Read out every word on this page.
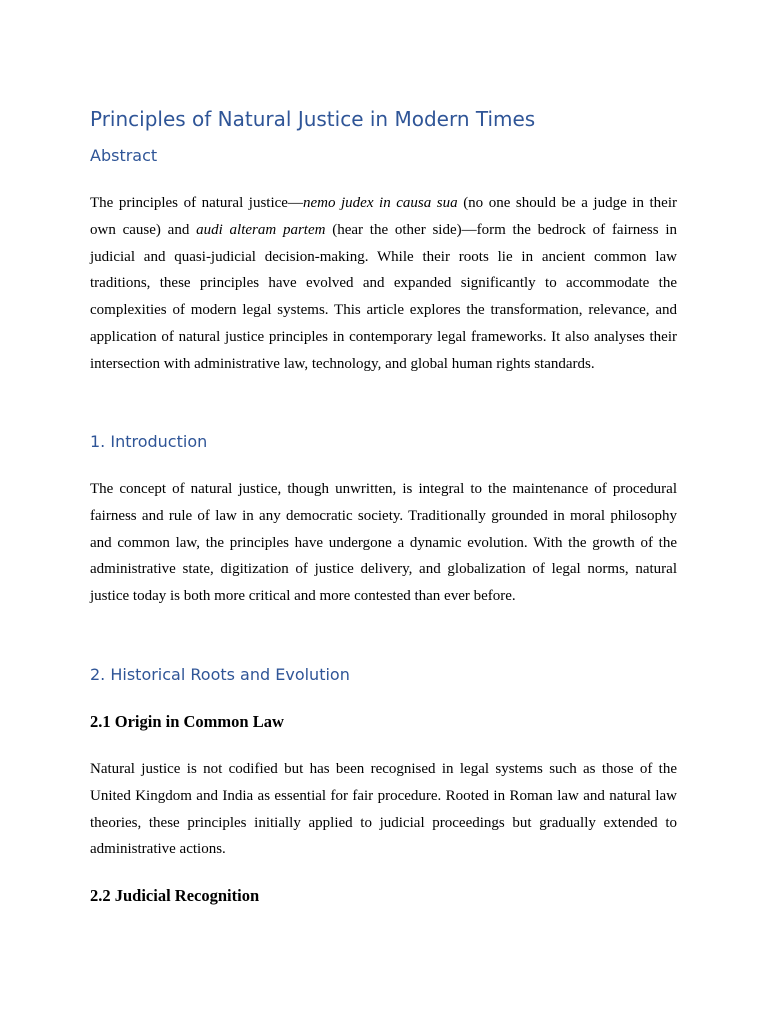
Principles of Natural Justice in Modern Times
Abstract

The principles of natural justice—nemo judex in causa sua (no one should be a judge in their own cause) and audi alteram partem (hear the other side)—form the bedrock of fairness in judicial and quasi-judicial decision-making. While their roots lie in ancient common law traditions, these principles have evolved and expanded significantly to accommodate the complexities of modern legal systems. This article explores the transformation, relevance, and application of natural justice principles in contemporary legal frameworks. It also analyses their intersection with administrative law, technology, and global human rights standards.

1. Introduction

The concept of natural justice, though unwritten, is integral to the maintenance of procedural fairness and rule of law in any democratic society. Traditionally grounded in moral philosophy and common law, the principles have undergone a dynamic evolution. With the growth of the administrative state, digitization of justice delivery, and globalization of legal norms, natural justice today is both more critical and more contested than ever before.

2. Historical Roots and Evolution
2.1 Origin in Common Law

Natural justice is not codified but has been recognised in legal systems such as those of the United Kingdom and India as essential for fair procedure. Rooted in Roman law and natural law theories, these principles initially applied to judicial proceedings but gradually extended to administrative actions.

2.2 Judicial Recognition
